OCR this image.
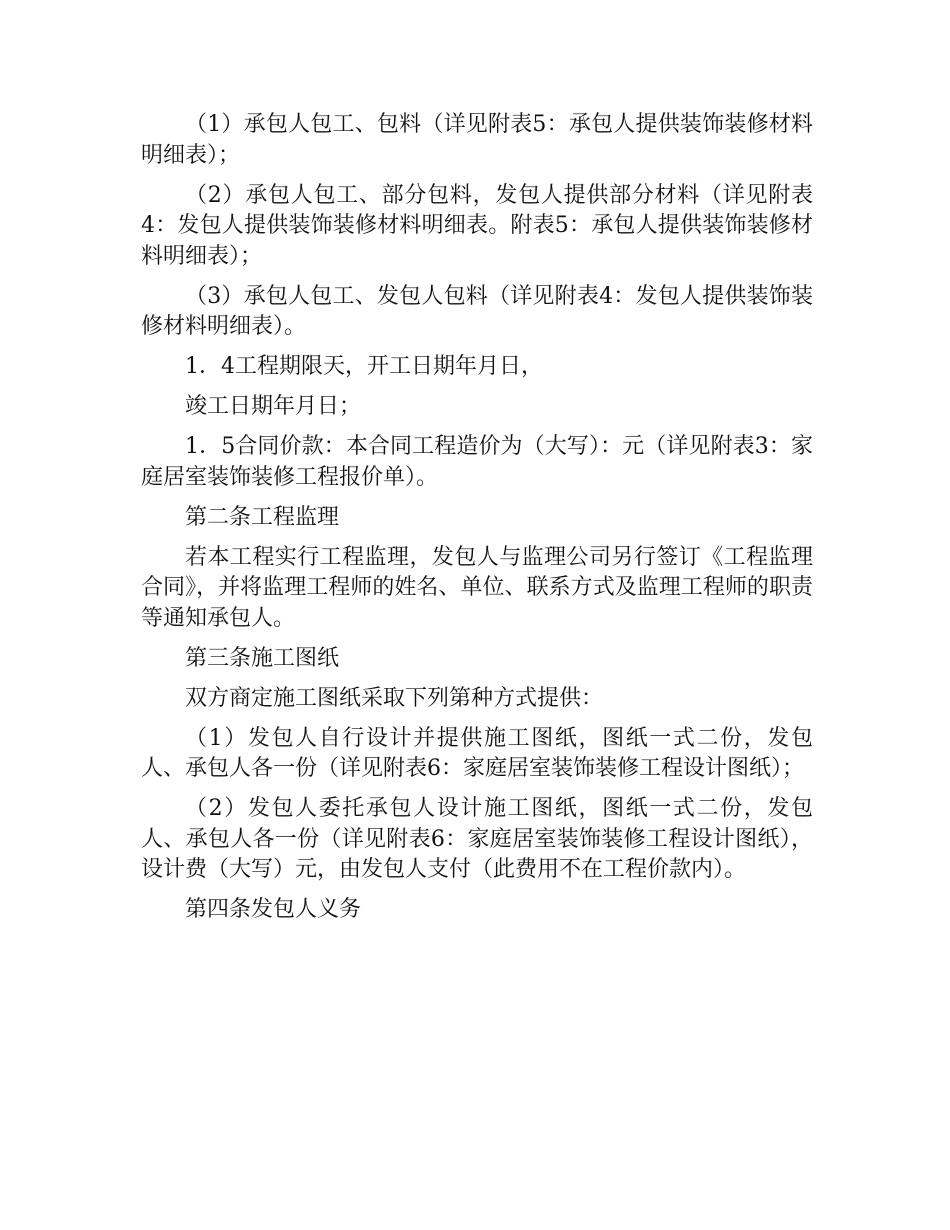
（1）承包人包工、包料（详见附表5：承包人提供装饰装修材料明细表）；

（2）承包人包工、部分包料，发包人提供部分材料（详见附表4：发包人提供装饰装修材料明细表。附表5：承包人提供装饰装修材料明细表）；

（3）承包人包工、发包人包料（详见附表4：发包人提供装饰装修材料明细表）。

1．4工程期限天，开工日期年月日，

竣工日期年月日；

1．5合同价款：本合同工程造价为（大写）：元（详见附表3：家庭居室装饰装修工程报价单）。

第二条工程监理

若本工程实行工程监理，发包人与监理公司另行签订《工程监理合同》，并将监理工程师的姓名、单位、联系方式及监理工程师的职责等通知承包人。

第三条施工图纸

双方商定施工图纸采取下列第种方式提供：

（1）发包人自行设计并提供施工图纸，图纸一式二份，发包人、承包人各一份（详见附表6：家庭居室装饰装修工程设计图纸）；

（2）发包人委托承包人设计施工图纸，图纸一式二份，发包人、承包人各一份（详见附表6：家庭居室装饰装修工程设计图纸），设计费（大写）元，由发包人支付（此费用不在工程价款内）。

第四条发包人义务
